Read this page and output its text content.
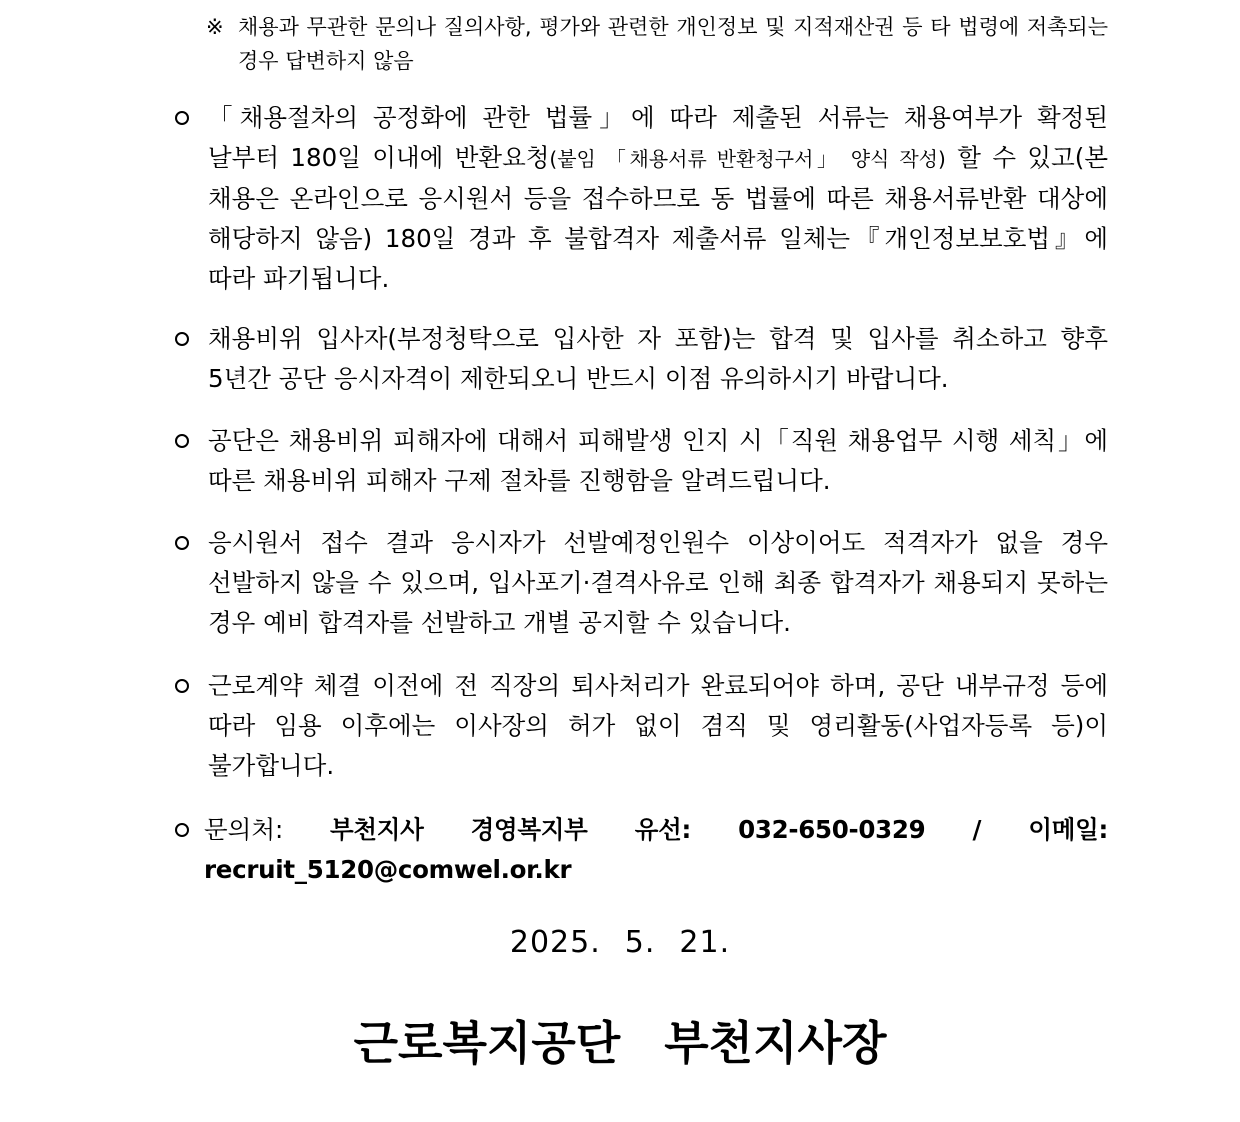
※ 채용과 무관한 문의나 질의사항, 평가와 관련한 개인정보 및 지적재산권 등 타 법령에 저촉되는 경우 답변하지 않음
「채용절차의 공정화에 관한 법률」에 따라 제출된 서류는 채용여부가 확정된 날부터 180일 이내에 반환요청(붙임 「채용서류 반환청구서」 양식 작성) 할 수 있고(본 채용은 온라인으로 응시원서 등을 접수하므로 동 법률에 따른 채용서류반환 대상에 해당하지 않음) 180일 경과 후 불합격자 제출서류 일체는『개인정보보호법』에 따라 파기됩니다.
채용비위 입사자(부정청탁으로 입사한 자 포함)는 합격 및 입사를 취소하고 향후 5년간 공단 응시자격이 제한되오니 반드시 이점 유의하시기 바랍니다.
공단은 채용비위 피해자에 대해서 피해발생 인지 시「직원 채용업무 시행 세칙」에 따른 채용비위 피해자 구제 절차를 진행함을 알려드립니다.
응시원서 접수 결과 응시자가 선발예정인원수 이상이어도 적격자가 없을 경우 선발하지 않을 수 있으며, 입사포기·결격사유로 인해 최종 합격자가 채용되지 못하는 경우 예비 합격자를 선발하고 개별 공지할 수 있습니다.
근로계약 체결 이전에 전 직장의 퇴사처리가 완료되어야 하며, 공단 내부규정 등에 따라 임용 이후에는 이사장의 허가 없이 겸직 및 영리활동(사업자등록 등)이 불가합니다.
문의처: 부천지사 경영복지부 유선: 032-650-0329 / 이메일: recruit_5120@comwel.or.kr
2025. 5. 21.
근로복지공단 부천지사장
